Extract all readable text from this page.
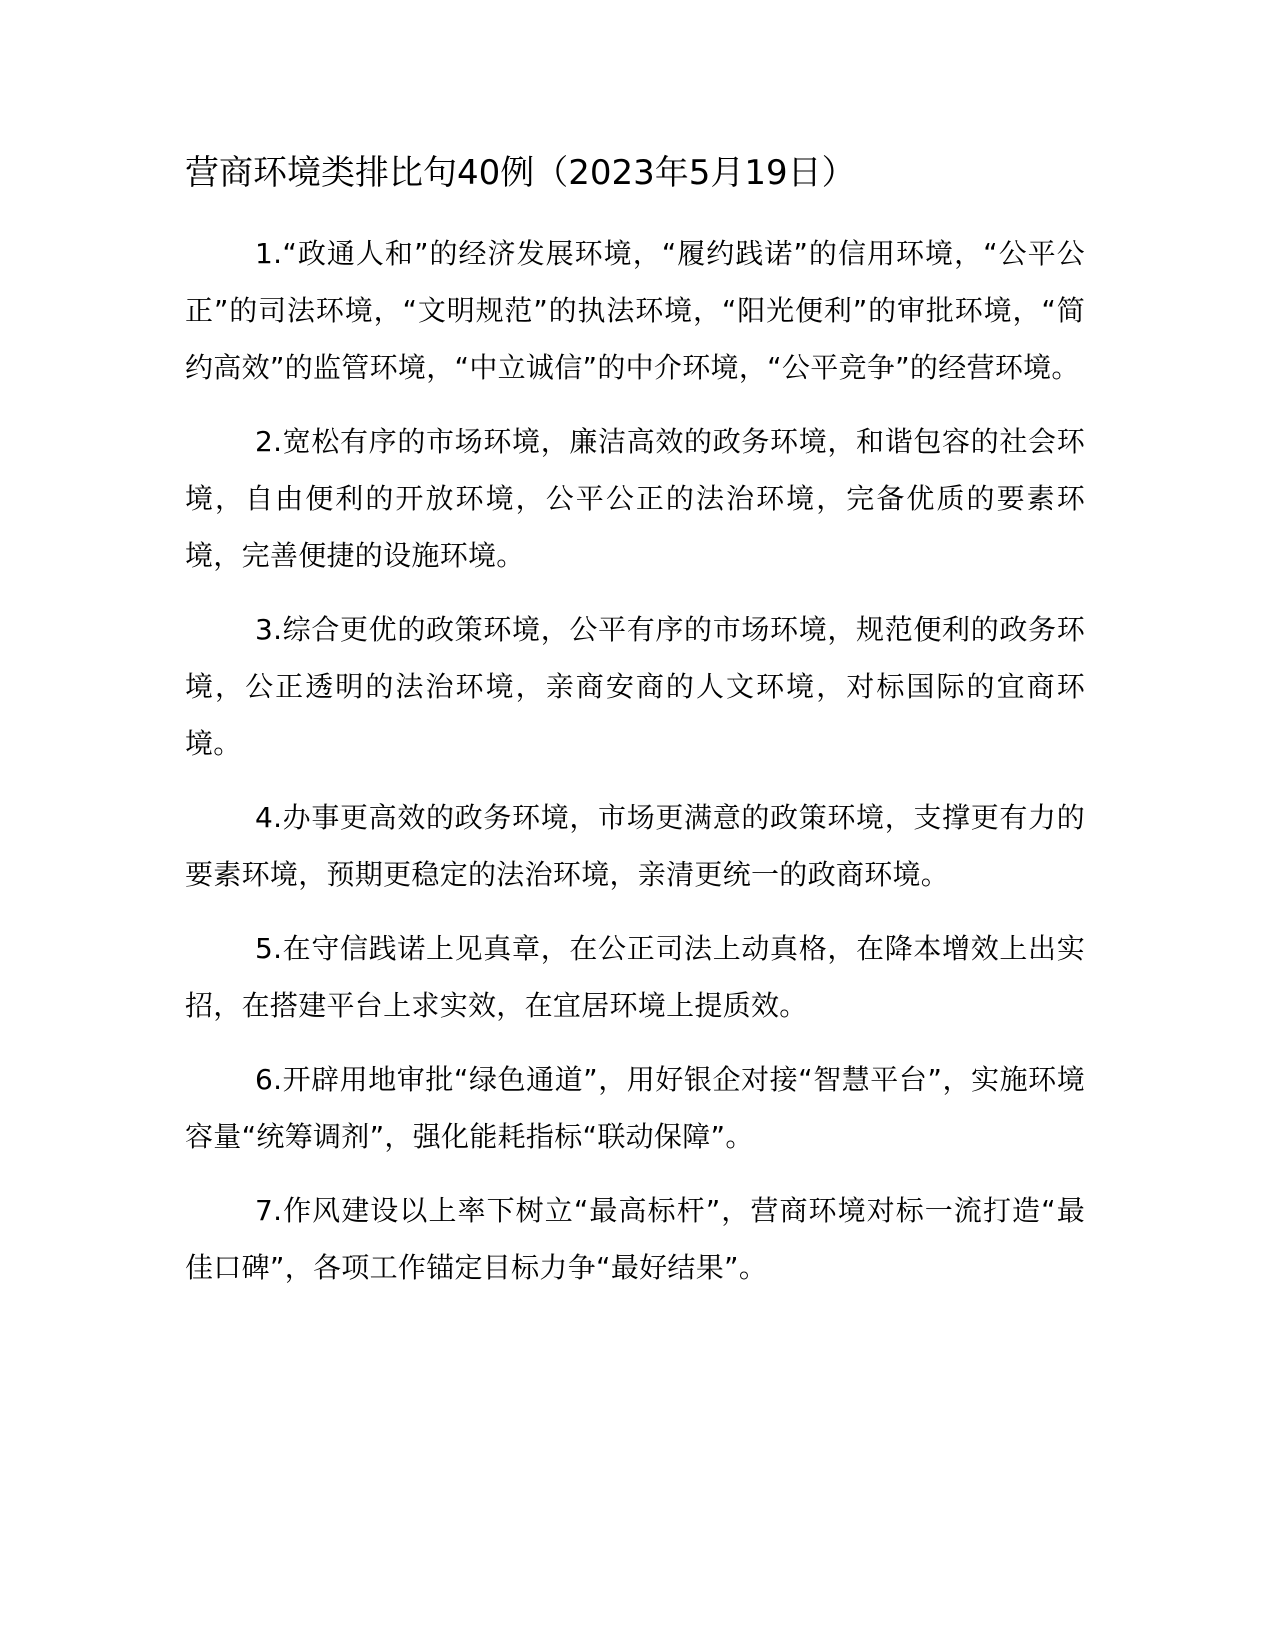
营商环境类排比句40例（2023年5月19日）

1.“政通人和”的经济发展环境，“履约践诺”的信用环境，“公平公正”的司法环境，“文明规范”的执法环境，“阳光便利”的审批环境，“简约高效”的监管环境，“中立诚信”的中介环境，“公平竞争”的经营环境。

2.宽松有序的市场环境，廉洁高效的政务环境，和谐包容的社会环境，自由便利的开放环境，公平公正的法治环境，完备优质的要素环境，完善便捷的设施环境。

3.综合更优的政策环境，公平有序的市场环境，规范便利的政务环境，公正透明的法治环境，亲商安商的人文环境，对标国际的宜商环境。

4.办事更高效的政务环境，市场更满意的政策环境，支撑更有力的要素环境，预期更稳定的法治环境，亲清更统一的政商环境。

5.在守信践诺上见真章，在公正司法上动真格，在降本增效上出实招，在搭建平台上求实效，在宜居环境上提质效。

6.开辟用地审批“绿色通道”，用好银企对接“智慧平台”，实施环境容量“统筹调剂”，强化能耗指标“联动保障”。

7.作风建设以上率下树立“最高标杆”，营商环境对标一流打造“最佳口碑”，各项工作锚定目标力争“最好结果”。
